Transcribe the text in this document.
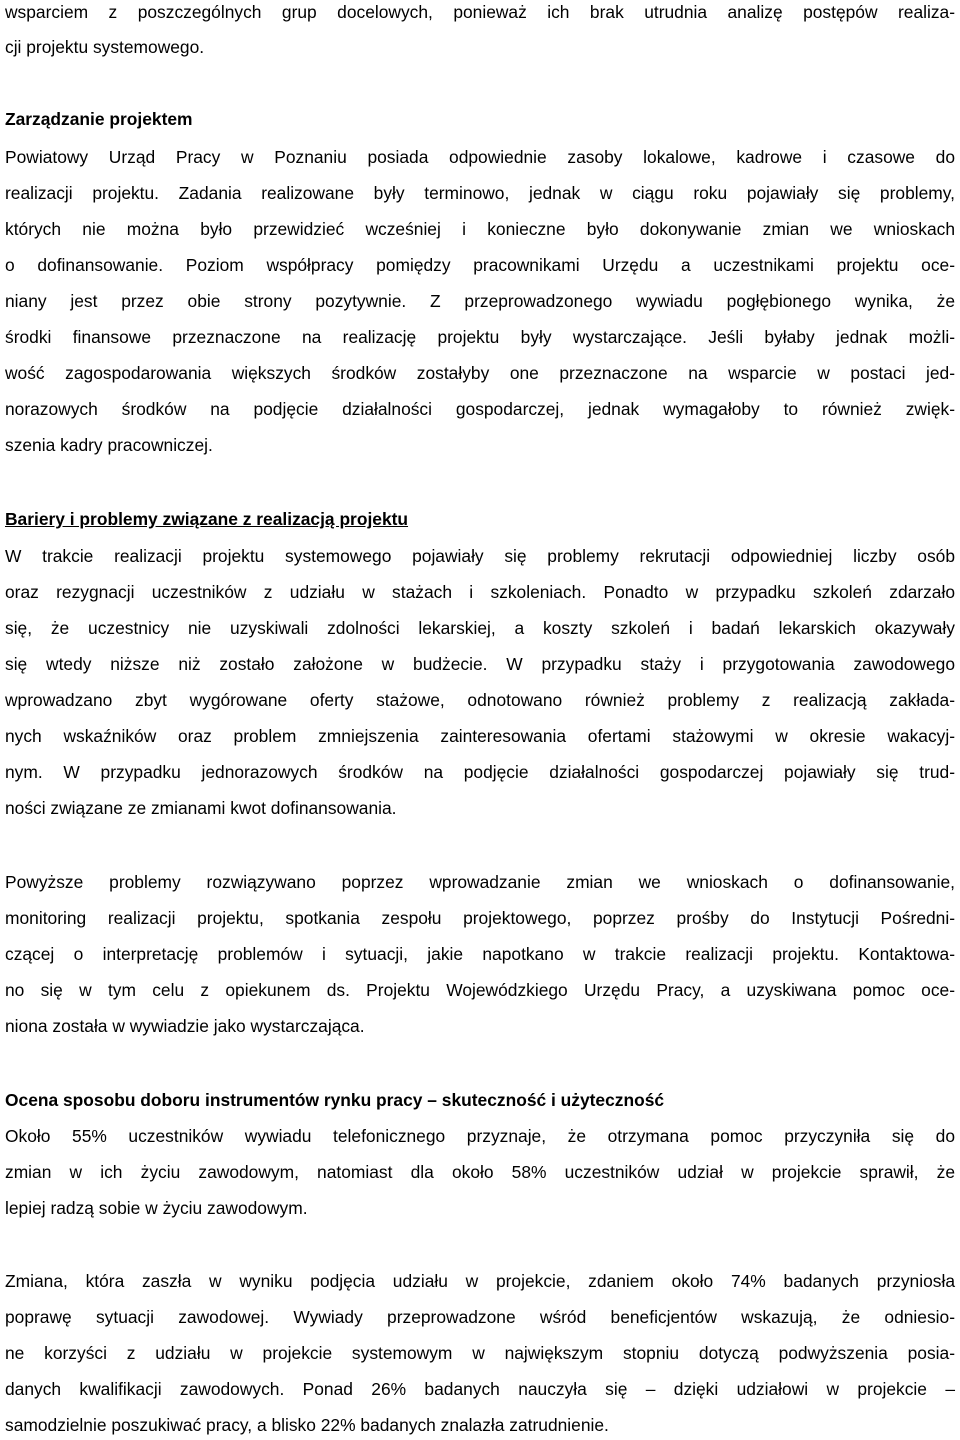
wsparciem z poszczególnych grup docelowych, ponieważ ich brak utrudnia analizę postępów realiza-
cji projektu systemowego.
Zarządzanie projektem
Powiatowy Urząd Pracy w Poznaniu posiada odpowiednie zasoby lokalowe, kadrowe i czasowe do
realizacji projektu. Zadania realizowane były terminowo, jednak w ciągu roku pojawiały się problemy,
których nie można było przewidzieć wcześniej i konieczne było dokonywanie zmian we wnioskach
o dofinansowanie. Poziom współpracy pomiędzy pracownikami Urzędu a uczestnikami projektu oce-
niany jest przez obie strony pozytywnie. Z przeprowadzonego wywiadu pogłębionego wynika, że
środki finansowe przeznaczone na realizację projektu były wystarczające. Jeśli byłaby jednak możli-
wość zagospodarowania większych środków zostałyby one przeznaczone na wsparcie w postaci jed-
norazowych środków na podjęcie działalności gospodarczej, jednak wymagałoby to również zwięk-
szenia kadry pracowniczej.
Bariery i problemy związane z realizacją projektu
W trakcie realizacji projektu systemowego pojawiały się problemy rekrutacji odpowiedniej liczby osób
oraz rezygnacji uczestników z udziału w stażach i szkoleniach. Ponadto w przypadku szkoleń zdarzało
się, że uczestnicy nie uzyskiwali zdolności lekarskiej, a koszty szkoleń i badań lekarskich okazywały
się wtedy niższe niż zostało założone w budżecie. W przypadku staży i przygotowania zawodowego
wprowadzano zbyt wygórowane oferty stażowe, odnotowano również problemy z realizacją zakłada-
nych wskaźników oraz problem zmniejszenia zainteresowania ofertami stażowymi w okresie wakacyj-
nym. W przypadku jednorazowych środków na podjęcie działalności gospodarczej pojawiały się trud-
ności związane ze zmianami kwot dofinansowania.
Powyższe problemy rozwiązywano poprzez wprowadzanie zmian we wnioskach o dofinansowanie,
monitoring realizacji projektu, spotkania zespołu projektowego, poprzez prośby do Instytucji Pośredni-
czącej o interpretację problemów i sytuacji, jakie napotkano w trakcie realizacji projektu. Kontaktowa-
no się w tym celu z opiekunem ds. Projektu Wojewódzkiego Urzędu Pracy, a uzyskiwana pomoc oce-
niona została w wywiadzie jako wystarczająca.
Ocena sposobu doboru instrumentów rynku pracy – skuteczność i użyteczność
Około 55% uczestników wywiadu telefonicznego przyznaje, że otrzymana pomoc przyczyniła się do
zmian w ich życiu zawodowym, natomiast dla około 58% uczestników udział w projekcie sprawił, że
lepiej radzą sobie w życiu zawodowym.
Zmiana, która zaszła w wyniku podjęcia udziału w projekcie, zdaniem około 74% badanych przyniosła
poprawę sytuacji zawodowej. Wywiady przeprowadzone wśród beneficjentów wskazują, że odniesio-
ne korzyści z udziału w projekcie systemowym w największym stopniu dotyczą podwyższenia posia-
danych kwalifikacji zawodowych. Ponad 26% badanych nauczyła się – dzięki udziałowi w projekcie –
samodzielnie poszukiwać pracy, a blisko 22% badanych znalazła zatrudnienie.
